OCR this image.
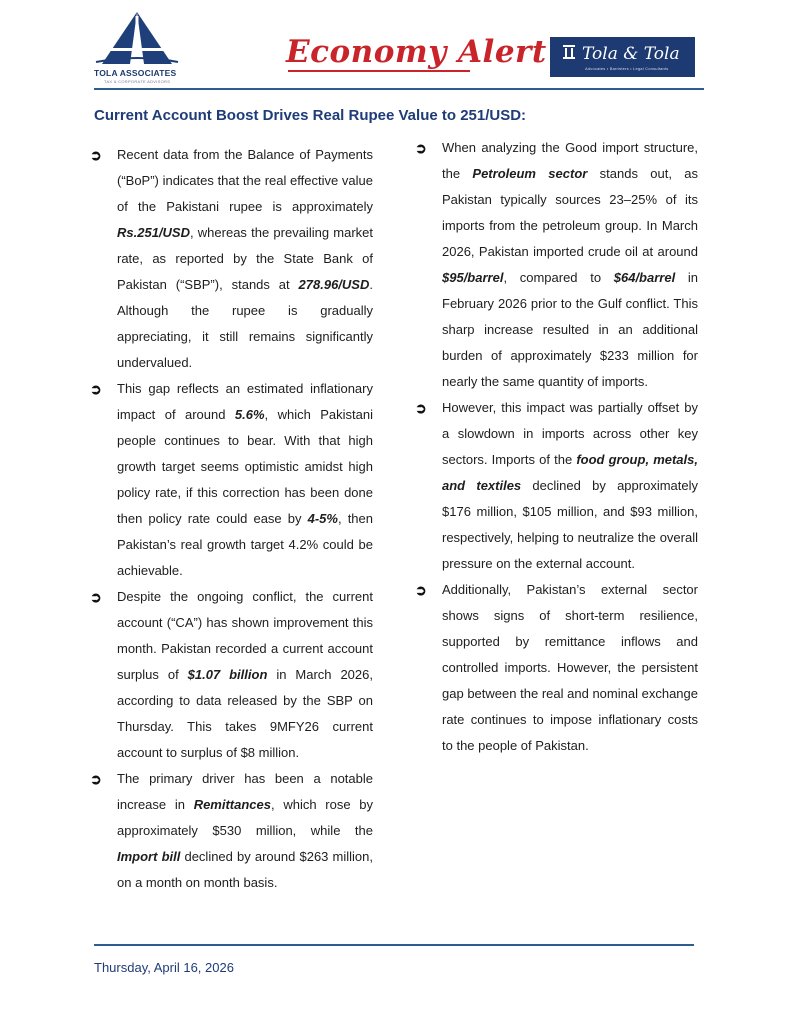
TOLA ASSOCIATES
TAX & CORPORATE ADVISORS
Economy Alert Tola & Tola
Advocates • Barristers • Legal Consultants
Current Account Boost Drives Real Rupee Value to 251/USD:

➲ Recent data from the Balance of Payments (“BoP”) indicates that the real effective value of the Pakistani rupee is approximately Rs.251/USD, whereas the prevailing market rate, as reported by the State Bank of Pakistan (“SBP”), stands at 278.96/USD. Although the rupee is gradually appreciating, it still remains significantly undervalued.

➲ This gap reflects an estimated inflationary impact of around 5.6%, which Pakistani people continues to bear. With that high growth target seems optimistic amidst high policy rate, if this correction has been done then policy rate could ease by 4-5%, then Pakistan’s real growth target 4.2% could be achievable.

➲ Despite the ongoing conflict, the current account (“CA”) has shown improvement this month. Pakistan recorded a current account surplus of $1.07 billion in March 2026, according to data released by the SBP on Thursday. This takes 9MFY26 current account to surplus of $8 million.

➲ The primary driver has been a notable increase in Remittances, which rose by approximately $530 million, while the Import bill declined by around $263 million, on a month on month basis.

➲ When analyzing the Good import structure, the Petroleum sector stands out, as Pakistan typically sources 23–25% of its imports from the petroleum group. In March 2026, Pakistan imported crude oil at around $95/barrel, compared to $64/barrel in February 2026 prior to the Gulf conflict. This sharp increase resulted in an additional burden of approximately $233 million for nearly the same quantity of imports.

➲ However, this impact was partially offset by a slowdown in imports across other key sectors. Imports of the food group, metals, and textiles declined by approximately $176 million, $105 million, and $93 million, respectively, helping to neutralize the overall pressure on the external account.

➲ Additionally, Pakistan’s external sector shows signs of short-term resilience, supported by remittance inflows and controlled imports. However, the persistent gap between the real and nominal exchange rate continues to impose inflationary costs to the people of Pakistan.

Thursday, April 16, 2026
